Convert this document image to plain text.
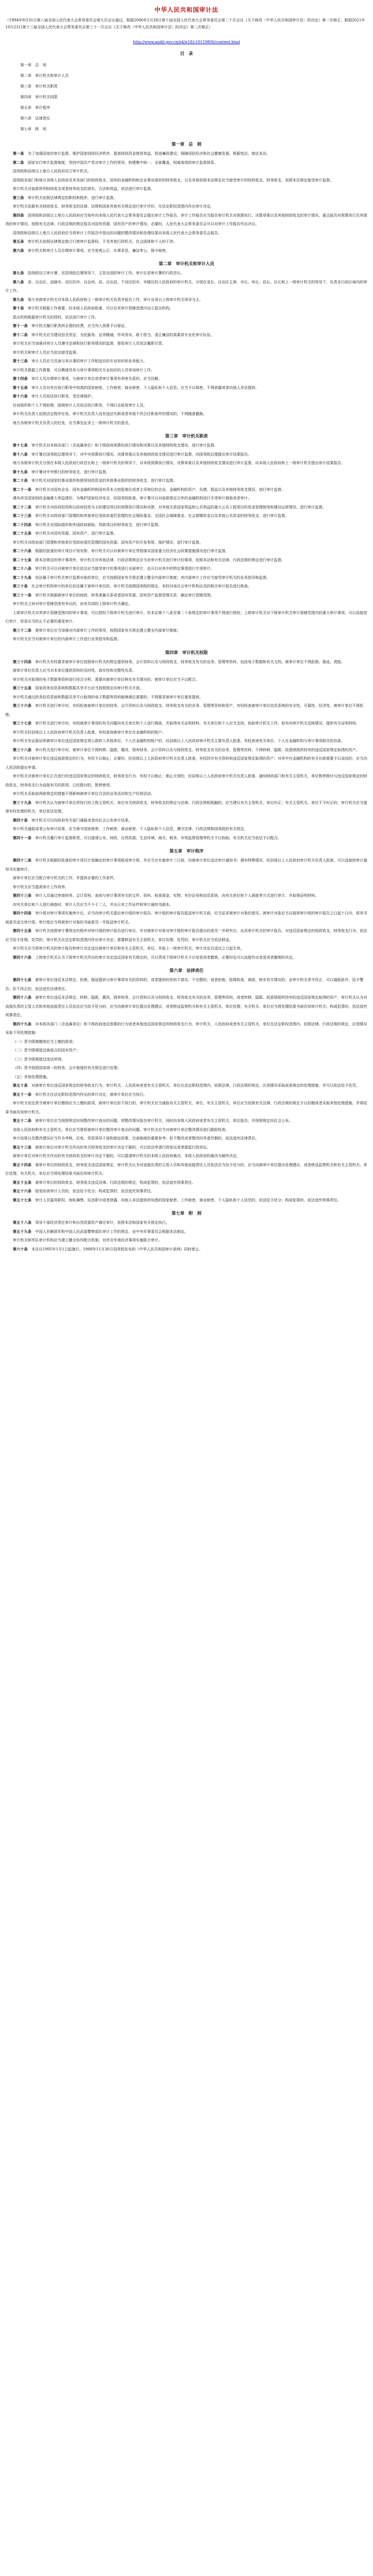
中华人民共和国审计法

（1994年8月31日第八届全国人民代表大会常务委员会第九次会议通过，根据2006年2月28日第十届全国人民代表大会常务委员会第二十次会议《关于修改〈中华人民共和国审计法〉的决定》第一次修正，根据2021年10月23日第十三届全国人民代表大会常务委员会第三十一次会议《关于修改〈中华人民共和国审计法〉的决定》第二次修正）

http://www.audit.gov.cn/n4/n18/c10159806/content.html
目　录
第一章　总　则
第二章　审计机关和审计人员
第三章　审计机关职责
第四章　审计机关权限
第五章　审计程序
第六章　法律责任
第七章　附　则
第一章　总　则

第一条　 为了加强国家的审计监督，维护国家财政经济秩序，提高财政资金使用效益，促进廉政建设，保障国民经济和社会健康发展，根据宪法，制定本法。

第二条　 国家实行审计监督制度。坚持中国共产党对审计工作的领导，构建集中统一、全面覆盖、权威高效的审计监督体系。

国务院和县级以上地方人民政府设立审计机关。

国务院各部门和地方各级人民政府及其各部门的财政收支，国有的金融机构和企业事业组织的财务收支，以及其他依照本法规定应当接受审计的财政收支、财务收支，依照本法规定接受审计监督。

审计机关对前款所列财政收支或者财务收支的真实、合法和效益，依法进行审计监督。

第三条　 审计机关依照法律规定的职权和程序，进行审计监督。

审计机关依据有关财政收支、财务收支的法律、法规和国家其他有关规定进行审计评价，在法定职权范围内作出审计决定。

第四条　 国务院和县级以上地方人民政府应当每年向本级人民代表大会常务委员会提出审计工作报告。审计工作报告应当报告审计机关对预算执行、决算草案以及其他财政收支的审计情况，重点报告对预算执行及其绩效的审计情况，按照有关法律、行政法规的规定报告对国有资源、国有资产的审计情况。必要时，人民代表大会常务委员会可以对审计工作报告作出决议。

国务院和县级以上地方人民政府应当将审计工作报告中指出的问题的整改情况和处理结果向本级人民代表大会常务委员会报告。

第五条　 审计机关依照法律规定独立行使审计监督权，不受其他行政机关、社会团体和个人的干涉。

第六条　 审计机关和审计人员办理审计事项，应当客观公正，实事求是，廉洁奉公，保守秘密。

第二章　审计机关和审计人员

第七条　 国务院设立审计署，在国务院总理领导下，主管全国的审计工作。审计长是审计署的行政首长。

第八条　 省、自治区、直辖市、设区的市、自治州、县、自治县、不设区的市、市辖区的人民政府的审计机关，分别在省长、自治区主席、市长、州长、县长、区长和上一级审计机关的领导下，负责本行政区域内的审计工作。

第九条　 地方各级审计机关对本级人民政府和上一级审计机关负责并报告工作，审计业务以上级审计机关领导为主。

第十条　 审计机关根据工作需要，经本级人民政府批准，可以在其审计管辖范围内设立派出机构。

派出机构根据审计机关的授权，依法进行审计工作。

第十一条　 审计机关履行职责所必需的经费，应当列入预算予以保证。

第十二条　 审计机关应当建设信念坚定、为民服务、业务精通、作风务实、敢于担当、清正廉洁的高素质专业化审计队伍。

审计机关应当加强对审计人员遵守法律和执行职务情况的监督，督促审计人员依法履职尽责。

审计机关和审计人员应当依法接受监督。

第十三条　 审计人员应当具备与其从事的审计工作相适应的专业知识和业务能力。

审计机关根据工作需要，可以聘请具有与审计事项相关专业知识的人员参加审计工作。

第十四条　 审计人员办理审计事项，与被审计单位或者审计事项有利害关系的，应当回避。

第十五条　 审计人员对其在执行职务中知悉的国家秘密、工作秘密、商业秘密、个人隐私和个人信息，应当予以保密，不得泄露或者向他人非法提供。

第十六条　 审计人员依法执行职务，受法律保护。

任何组织和个人不得拒绝、阻碍审计人员依法执行职务，不得打击报复审计人员。

审计机关负责人依照法定程序任免。审计机关负责人没有违法失职或者其他不符合任职条件的情况的，不得随意撤换。

地方各级审计机关负责人的任免，应当事先征求上一级审计机关的意见。

第三章　审计机关职责

第十七条　 审计机关对本级各部门（含直属单位）和下级政府预算的执行情况和决算以及其他财政收支情况，进行审计监督。

第十八条　 审计署在国务院总理领导下，对中央预算执行情况、决算草案以及其他财政收支情况进行审计监督，向国务院总理提出审计结果报告。

地方各级审计机关分别在本级人民政府行政首长和上一级审计机关的领导下，对本级预算执行情况、决算草案以及其他财政收支情况进行审计监督，向本级人民政府和上一级审计机关提出审计结果报告。

第十九条　 审计署对中央银行的财务收支，进行审计监督。

第二十条　 审计机关对国家的事业组织和使用财政资金的其他事业组织的财务收支，进行审计监督。

第二十一条　 审计机关对国有企业、国有金融机构和国有资本占控股地位或者主导地位的企业、金融机构的资产、负债、损益以及其他财务收支情况，进行审计监督。

遇有涉及国家财政金融重大利益情形，为维护国家经济安全，经国务院批准，审计署可以对前款规定以外的金融机构进行专项审计调查或者审计。

第二十二条　 审计机关对政府投资和以政府投资为主的建设项目的预算执行情况和决算，对其他关系国家利益和公共利益的重大公共工程项目的资金管理使用和建设运营情况，进行审计监督。

第二十三条　 审计机关对政府部门管理的和其他单位受政府委托管理的社会保险基金、全国社会保障基金、社会捐赠资金以及其他公共资金的财务收支，进行审计监督。

第二十四条　 审计机关对国际组织和外国政府援助、贷款项目的财务收支，进行审计监督。

第二十五条　 审计机关对国有资源、国有资产，进行审计监督。

审计机关对政府部门管理和其他单位受政府委托管理的国有资源、国有资产的开发利用、保护情况，进行审计监督。

第二十六条　 根据经批准的审计项目计划安排，审计机关可以对被审计单位贯彻落实国家重大经济社会政策措施情况进行审计监督。

第二十七条　 除本法规定的审计事项外，审计机关对其他法律、行政法规规定应当由审计机关进行审计的事项，依照本法和有关法律、行政法规的规定进行审计监督。

第二十八条　 审计机关可以对被审计单位依法应当接受审计的事项进行全面审计，也可以对其中的特定事项进行专项审计。

第二十九条　 依法属于审计机关审计监督对象的单位，应当按照国家有关规定建立健全内部审计制度；其内部审计工作应当接受审计机关的业务指导和监督。

第三十条　 社会审计机构审计的单位依法属于被审计单位的，审计机关按照国务院的规定，有权对该社会审计机构出具的相关审计报告进行核查。

第三十一条　 审计机关根据被审计单位的财政、财务隶属关系或者国有资源、国有资产监督管理关系，确定审计管辖范围。

审计机关之间对审计管辖范围有争议的，由其共同的上级审计机关确定。

上级审计机关对其审计管辖范围内的审计事项，可以授权下级审计机关进行审计，但本法第十八条至第二十条规定的审计事项不得进行授权；上级审计机关对下级审计机关审计管辖范围内的重大审计事项，可以直接进行审计，但是应当防止不必要的重复审计。

第三十二条　 被审计单位应当加强对内部审计工作的领导，按照国家有关规定建立健全内部审计制度。

审计机关应当对被审计单位的内部审计工作进行业务指导和监督。

第四章　审计机关权限

第三十四条　 审计机关有权要求被审计单位按照审计机关的规定提供财务、会计资料以及与财政收支、财务收支有关的业务、管理等资料，包括电子数据和有关文档。被审计单位不得拒绝、拖延、谎报。

被审计单位负责人应当对本单位提供资料的及时性、真实性和完整性负责。

审计机关对取得的电子数据等资料进行综合分析，需要向被审计单位核实有关情况的，被审计单位应当予以配合。

第三十五条　 国家政务信息系统和数据共享平台应当按照规定向审计机关开放。

审计机关通过政务信息系统和数据共享平台取得的电子数据等资料能够满足需要的，不得要求被审计单位重复提供。

第三十六条　 审计机关进行审计时，有权检查被审计单位的财务、会计资料以及与财政收支、财务收支有关的业务、管理等资料和资产，有权检查被审计单位信息系统的安全性、可靠性、经济性，被审计单位不得拒绝。

第三十七条　 审计机关进行审计时，有权就审计事项的有关问题向有关单位和个人进行调查，并取得有关证明材料。有关单位和个人应当支持、协助审计机关工作，如实向审计机关反映情况，提供有关证明材料。

审计机关经县级以上人民政府审计机关负责人批准，有权查询被审计单位在金融机构的账户。

审计机关有证据证明被审计单位违反国家规定将公款转入其他单位、个人在金融机构账户的，经县级以上人民政府审计机关主要负责人批准，有权查询有关单位、个人在金融机构与审计事项相关的存款。

第三十八条　 审计机关进行审计时，被审计单位不得转移、隐匿、篡改、毁弃财务、会计资料以及与财政收支、财务收支有关的业务、管理等资料，不得转移、隐匿、故意毁损所持有的违反国家规定取得的资产。

审计机关对被审计单位违反前款规定的行为，有权予以制止；必要时，经县级以上人民政府审计机关负责人批准，有权封存有关资料和违反国家规定取得的资产；对其中在金融机构的有关存款需要予以冻结的，应当向人民法院提出申请。

审计机关对被审计单位正在进行的违反国家规定的财政收支、财务收支行为，有权予以制止；制止无效的，经县级以上人民政府审计机关负责人批准，通知财政部门和有关主管机关、单位暂停拨付与违反国家规定的财政收支、财务收支行为直接有关的款项，已经拨付的，暂停使用。

审计机关采取前两款规定的措施不得影响被审计单位合法的业务活动和生产经营活动。

第三十九条　 审计机关认为被审计单位所执行的上级主管机关、单位有关财政收支、财务收支的规定与法律、行政法规相抵触的，应当建议有关主管机关、单位纠正；有关主管机关、单位不予纠正的，审计机关应当提请有权处理的机关、单位依法处理。

第四十条　 审计机关可以向政府有关部门通报或者向社会公布审计结果。

审计机关通报或者公布审计结果，应当保守国家秘密、工作秘密、商业秘密、个人隐私和个人信息，遵守法律、行政法规和国务院的有关规定。

第四十一条　 审计机关履行审计监督职责，可以提请公安、财政、自然资源、生态环境、海关、税务、市场监督管理等机关予以协助。有关机关应当依法予以配合。

第五章　审计程序

第四十二条　 审计机关根据经批准的审计项目计划确定的审计事项组成审计组，并应当在实施审计三日前，向被审计单位送达审计通知书；遇有特殊情况，经县级以上人民政府审计机关负责人批准，可以直接持审计通知书实施审计。

被审计单位应当配合审计机关的工作，并提供必要的工作条件。

审计机关应当提高审计工作效率。

第四十三条　 审计人员通过审查财务、会计资料，查阅与审计事项有关的文件、资料，检查现金、实物、有价证券和信息系统，向有关单位和个人调查等方式进行审计，并取得证明材料。

向有关单位和个人进行调查时，审计人员应当不少于二人，并出示其工作证件和审计通知书副本。

第四十四条　 审计组对审计事项实施审计后，应当向审计机关提出审计组的审计报告。审计组的审计报告报送审计机关前，应当征求被审计对象的意见。被审计对象应当自接到审计组的审计报告之日起十日内，将其书面意见送交审计组。审计组应当将被审计对象的书面意见一并报送审计机关。

第四十五条　 审计机关按照审计署规定的程序对审计组的审计报告进行审议，并对被审计对象对审计组的审计报告提出的意见一并研究后，出具审计机关的审计报告。对违反国家规定的财政收支、财务收支行为，依法应当给予处理、处罚的，审计机关在法定职权范围内作出审计决定；需要移送有关主管机关、单位处理、处罚的，审计机关应当依法移送。

审计机关应当将审计机关的审计报告和审计决定送达被审计单位和有关主管机关、单位，并报上一级审计机关。审计决定自送达之日起生效。

第四十六条　 上级审计机关认为下级审计机关作出的审计决定违反国家有关规定的，可以责成下级审计机关予以变更或者撤销，必要时也可以直接作出变更或者撤销的决定。

第六章　法律责任

第四十七条　 被审计单位违反本法规定，拒绝、拖延提供与审计事项有关的资料的，或者提供的资料不真实、不完整的，或者拒绝、阻碍检查、调查、核实有关情况的，由审计机关责令改正，可以通报批评，给予警告；拒不改正的，依法追究法律责任。

第四十八条　 被审计单位违反本法规定，转移、隐匿、篡改、毁弃财务、会计资料以及与财政收支、财务收支有关的业务、管理等资料，或者转移、隐匿、故意毁损所持有的违反国家规定取得的资产，审计机关认为对直接负责的主管人员和其他直接责任人员依法应当给予处分的，应当向被审计单位提出处理建议，或者移送监察机关和有关主管机关、单位处理，有关机关、单位应当将处理结果书面告知审计机关；构成犯罪的，依法追究刑事责任。

第四十九条　 对本级各部门（含直属单位）和下级政府违反预算的行为或者其他违反国家规定的财政收支行为，审计机关、人民政府或者有关主管机关、单位在法定职权范围内，依照法律、行政法规的规定，区别情况采取下列处理措施：

（一）责令限期缴纳应当上缴的款项；

（二）责令限期退还被侵占的国有资产；

（三）责令限期退还违法所得；

（四）责令按照国家统一的财务、会计制度的有关规定进行处理；

（五）其他处理措施。

第五十条　 对被审计单位违反国家规定的财务收支行为，审计机关、人民政府或者有关主管机关、单位在法定职权范围内，依照法律、行政法规的规定，区别情况采取前条规定的处理措施，并可以依法给予处罚。

第五十一条　 审计机关在法定职权范围内作出的审计决定，被审计单位应当执行。

审计机关依法责令被审计单位缴纳应当上缴的款项，被审计单位拒不执行的，审计机关应当通报有关主管机关、单位，有关主管机关、单位应当依照有关法律、行政法规的规定予以扣缴或者采取其他处理措施，并将结果书面告知审计机关。

第五十二条　 被审计单位应当按照规定时间整改审计查出的问题，将整改情况报告审计机关，同时向本级人民政府或者有关主管机关、单位报告，并按照规定向社会公布。

各级人民政府和有关主管机关、单位应当督促被审计单位整改审计查出的问题。审计机关应当对被审计单位整改情况进行跟踪检查。

审计结果以及整改情况应当作为考核、任免、奖惩领导干部和制定政策、完善制度的重要参考；拒不整改或者整改时弄虚作假的，依法追究法律责任。

第五十三条　 被审计单位对审计机关作出的有关财务收支的审计决定不服的，可以依法申请行政复议或者提起行政诉讼。

被审计单位对审计机关作出的有关财政收支的审计决定不服的，可以提请审计机关的本级人民政府裁决，本级人民政府的裁决为最终决定。

第五十四条　 被审计单位的财政收支、财务收支违反国家规定，审计机关认为对直接负责的主管人员和其他直接责任人员依法应当给予处分的，应当向被审计单位提出处理建议，或者移送监察机关和有关主管机关、单位处理，有关机关、单位应当将处理结果书面告知审计机关。

第五十五条　 被审计单位的财政收支、财务收支违反法律、行政法规的规定，构成犯罪的，依法追究刑事责任。

第五十六条　 报复陷害审计人员的，依法给予处分；构成犯罪的，依法追究刑事责任。

第五十七条　 审计人员滥用职权、徇私舞弊、玩忽职守或者泄露、向他人非法提供所知悉的国家秘密、工作秘密、商业秘密、个人隐私和个人信息的，依法给予处分；构成犯罪的，依法追究刑事责任。

第七章　附　则

第五十八条　 领导干部经济责任审计和自然资源资产离任审计，依照本法和国家有关规定执行。

第五十九条　 中国人民解放军和中国人民武装警察部队审计工作的规定，由中央军事委员会根据本法制定。

审计机关和军队审计机构应当建立健全协作配合机制，对涉及军地经济事项实施联合审计。

第六十条　 本法自1995年1月1日起施行。1988年11月30日国务院发布的《中华人民共和国审计条例》同时废止。
